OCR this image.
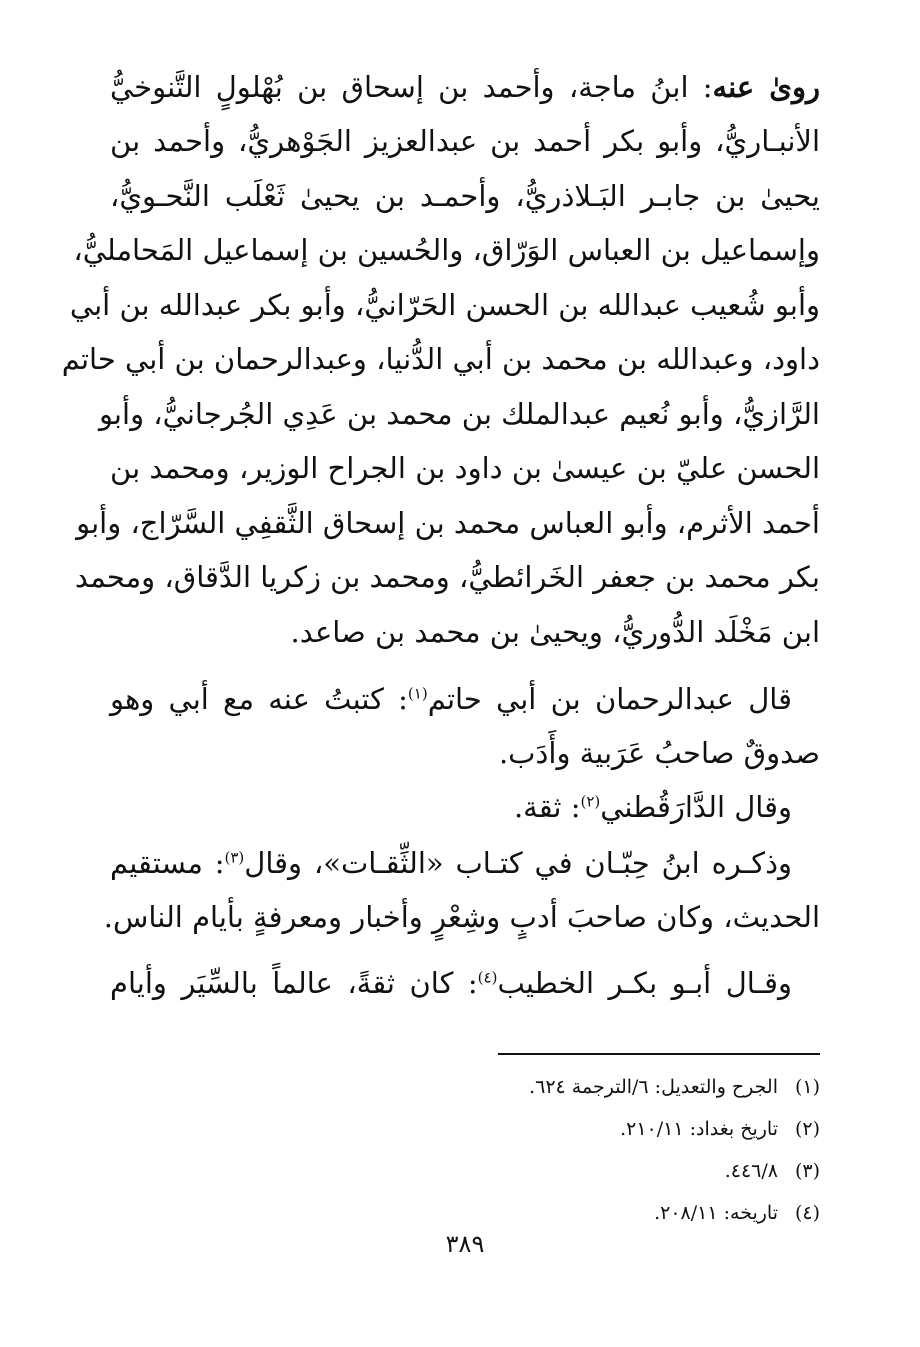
روىٰ عنه: ابنُ ماجة، وأحمد بن إسحاق بن بُهْلولٍ التَّنوخيُّ
الأنبـاريُّ، وأبو بكر أحمد بن عبدالعزيز الجَوْهريُّ، وأحمد بن
يحيىٰ بن جابـر البَـلاذريُّ، وأحمـد بن يحيىٰ ثَعْلَب النَّحـويُّ،
وإسماعيل بن العباس الوَرّاق، والحُسين بن إسماعيل المَحامليُّ،
وأبو شُعيب عبدالله بن الحسن الحَرّانيُّ، وأبو بكر عبدالله بن أبي
داود، وعبدالله بن محمد بن أبي الدُّنيا، وعبدالرحمان بن أبي حاتم
الرَّازيُّ، وأبو نُعيم عبدالملك بن محمد بن عَدِي الجُرجانيُّ، وأبو
الحسن عليّ بن عيسىٰ بن داود بن الجراح الوزير، ومحمد بن
أحمد الأثرم، وأبو العباس محمد بن إسحاق الثَّقفِي السَّرّاج، وأبو
بكر محمد بن جعفر الخَرائطيُّ، ومحمد بن زكريا الدَّقاق، ومحمد
ابن مَخْلَد الدُّوريُّ، ويحيىٰ بن محمد بن صاعد.
قال عبدالرحمان بن أبي حاتم$^{(١)}$: كتبتُ عنه مع أبي وهو
صدوقٌ صاحبُ عَرَبية وأَدَب.
وقال الدَّارَقُطني$^{(٢)}$: ثقة.
وذكـره ابنُ حِبّـان في كتـاب «الثِّقـات»، وقال$^{(٣)}$: مستقيم
الحديث، وكان صاحبَ أدبٍ وشِعْرٍ وأخبار ومعرفةٍ بأيام الناس.
وقـال أبـو بكـر الخطيب$^{(٤)}$: كان ثقةً، عالماً بالسِّيَر وأيام
(١)الجرح والتعديل: ٦/الترجمة ٦٢٤.
(٢)تاريخ بغداد: ٢١٠/١١.
(٣)٤٤٦/٨.
(٤)تاريخه: ٢٠٨/١١.
٣٨٩
